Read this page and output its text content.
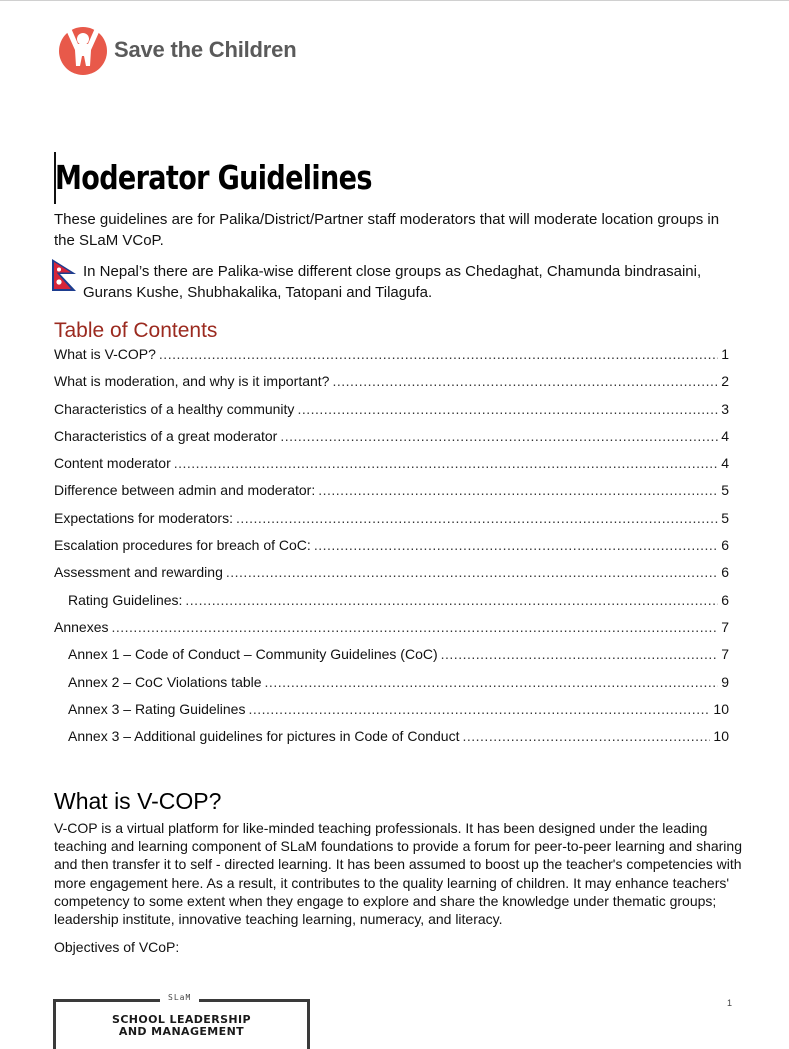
Save the Children
Moderator Guidelines

These guidelines are for Palika/District/Partner staff moderators that will moderate location groups in the SLaM VCoP.

In Nepal’s there are Palika-wise different close groups as Chedaghat, Chamunda bindrasaini, Gurans Kushe, Shubhakalika, Tatopani and Tilagufa.

Table of Contents
What is V-COP? .....	1
What is moderation, and why is it important? .....	2
Characteristics of a healthy community .....	3
Characteristics of a great moderator .....	4
Content moderator .....	4
Difference between admin and moderator: .....	5
Expectations for moderators: .....	5
Escalation procedures for breach of CoC: .....	6
Assessment and rewarding .....	6
Rating Guidelines: .....	6
Annexes .....	7
Annex 1 – Code of Conduct – Community Guidelines (CoC) .....	7
Annex 2 – CoC Violations table .....	9
Annex 3 – Rating Guidelines .....	10
Annex 3 – Additional guidelines for pictures in Code of Conduct .....	10
What is V-COP?

V-COP is a virtual platform for like-minded teaching professionals. It has been designed under the leading teaching and learning component of SLaM foundations to provide a forum for peer-to-peer learning and sharing and then transfer it to self - directed learning. It has been assumed to boost up the teacher's competencies with more engagement here. As a result, it contributes to the quality learning of children. It may enhance teachers' competency to some extent when they engage to explore and share the knowledge under thematic groups; leadership institute, innovative teaching learning, numeracy, and literacy.

Objectives of VCoP:

1
SLaM
SCHOOL LEADERSHIP
AND MANAGEMENT
